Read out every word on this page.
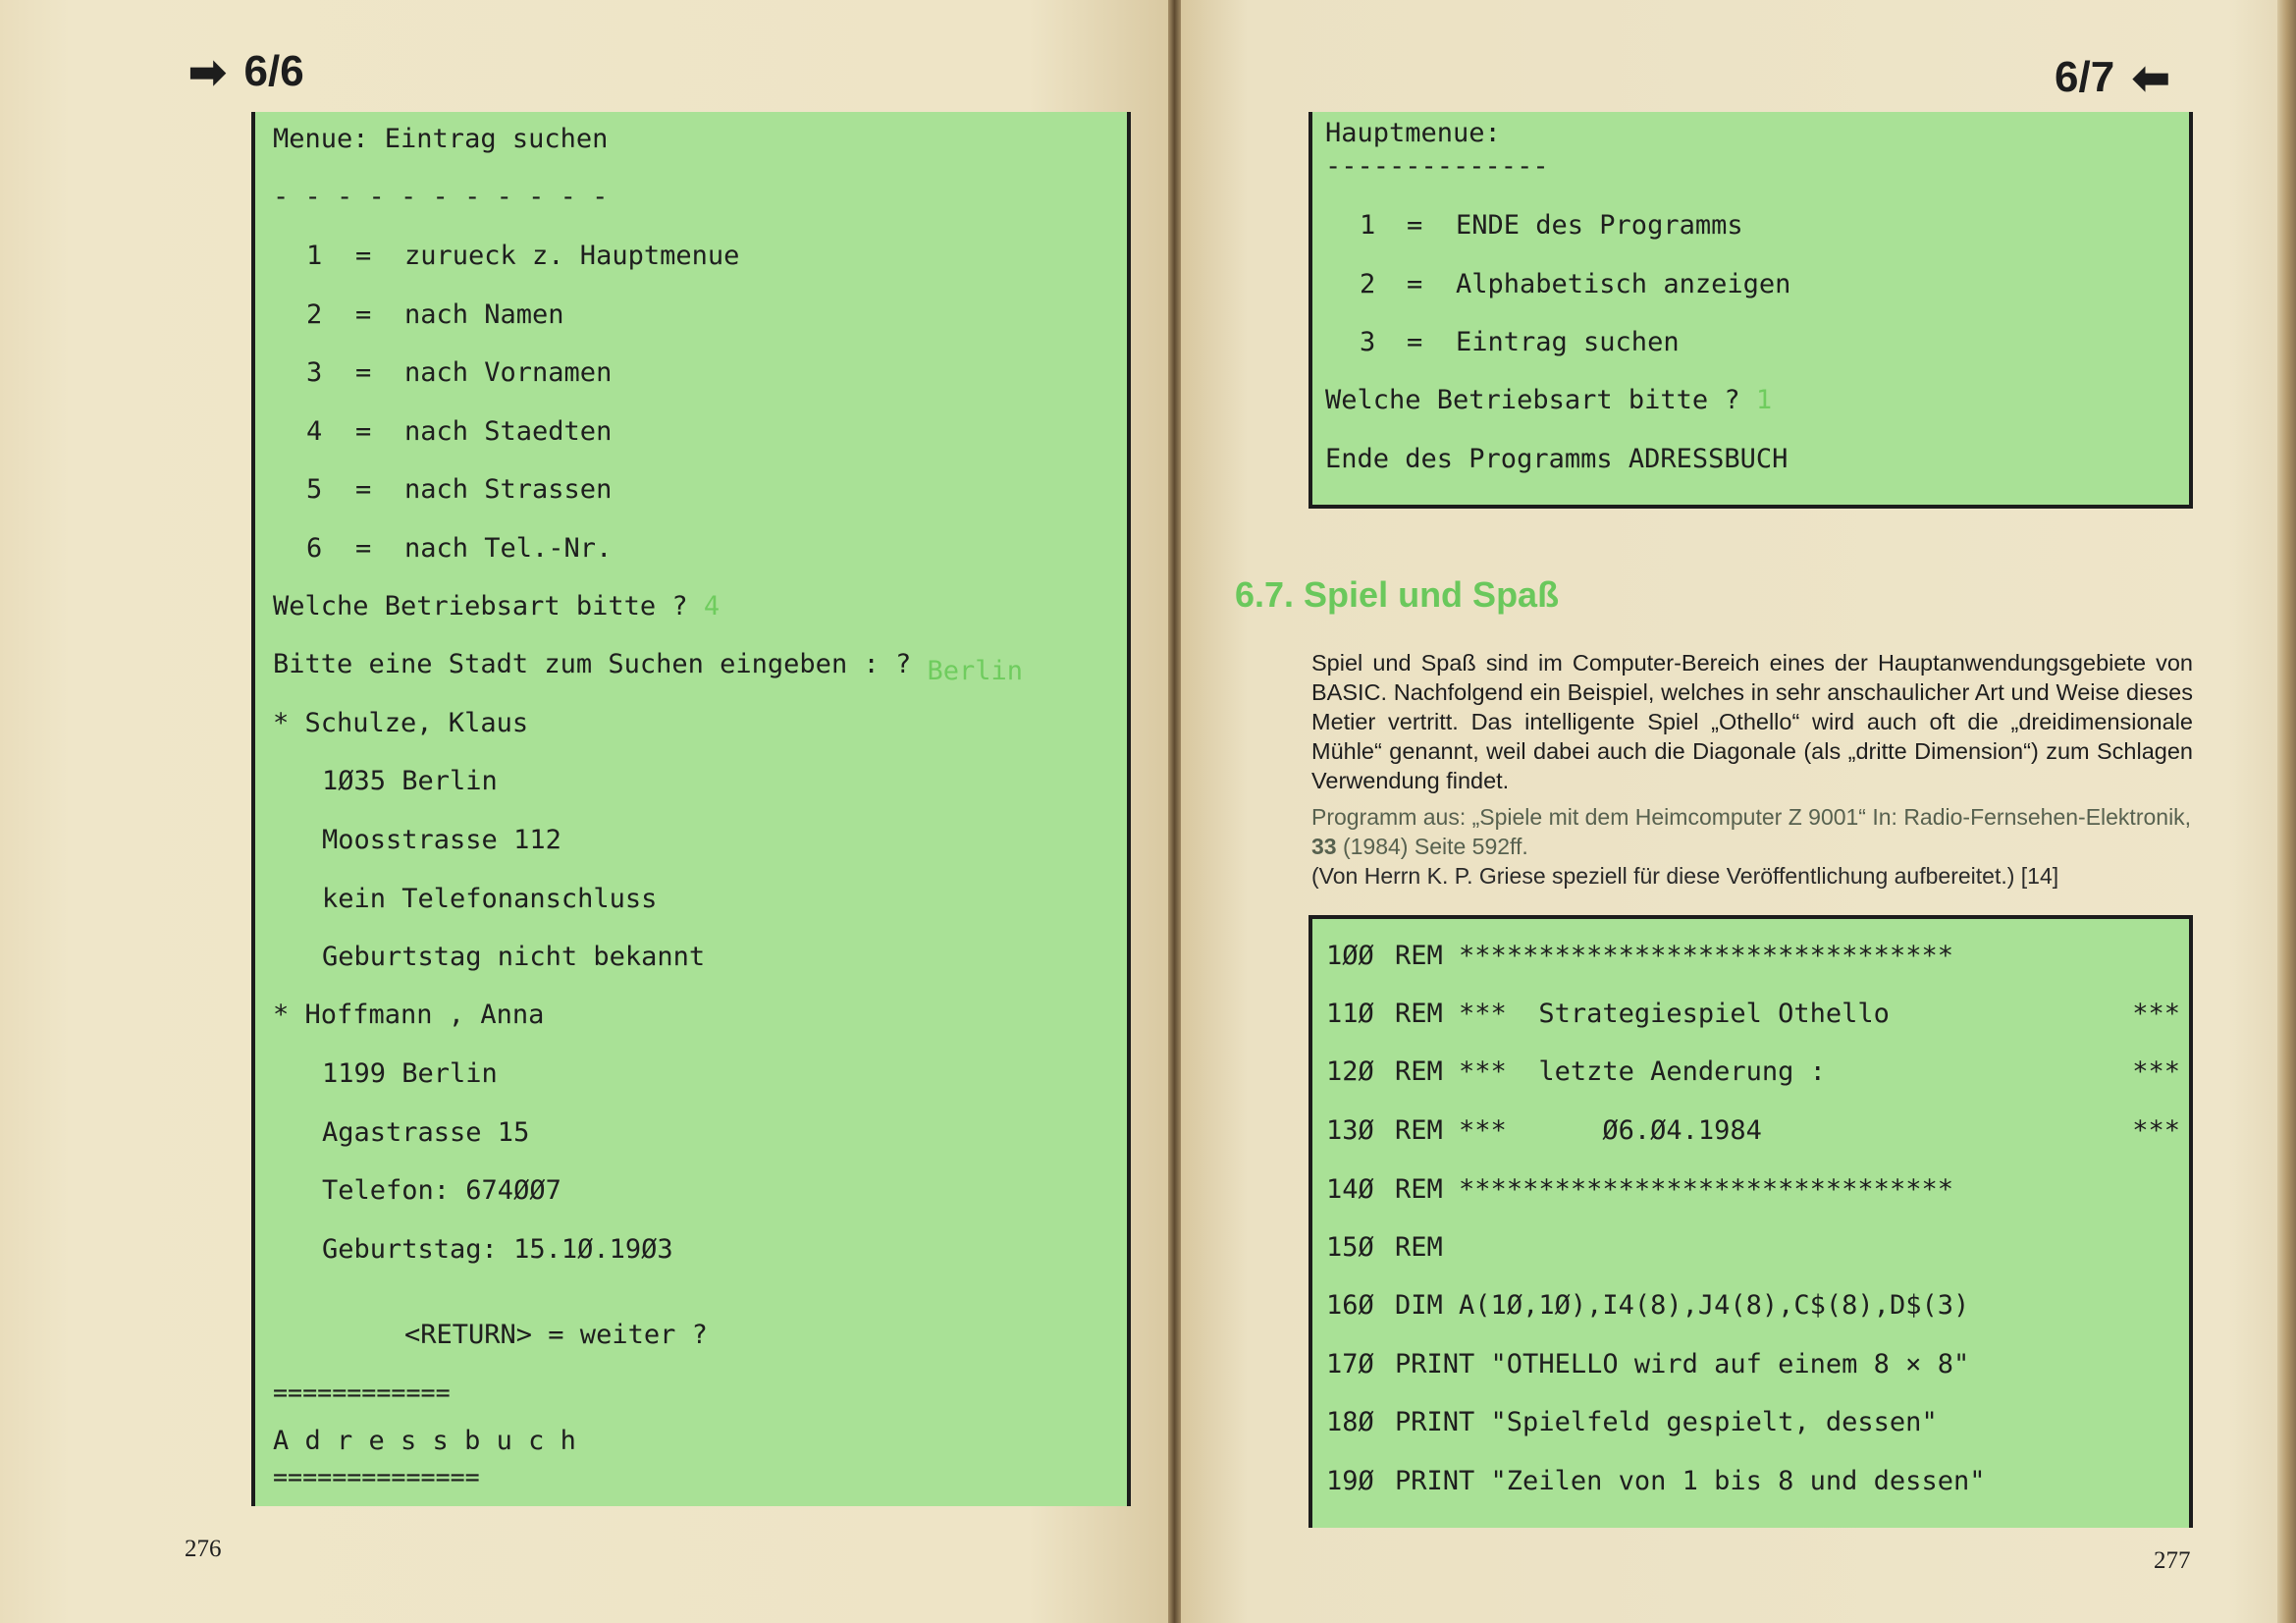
➡ 6/6
Menue: Eintrag suchen
- - - - - - - - - - -
1 = zurueck z. Hauptmenue
2 = nach Namen
3 = nach Vornamen
4 = nach Staedten
5 = nach Strassen
6 = nach Tel.-Nr.
Welche Betriebsart bitte ? 4
Bitte eine Stadt zum Suchen eingeben : ? Berlin
* Schulze, Klaus
1Ø35 Berlin
Moosstrasse 112
kein Telefonanschluss
Geburtstag nicht bekannt
* Hoffmann , Anna
1199 Berlin
Agastrasse 15
Telefon: 674ØØ7
Geburtstag: 15.1Ø.19Ø3
<RETURN> = weiter ?
============
A d r e s s b u c h
==============
276
6/7 ⬅
Hauptmenue:
--------------
1 = ENDE des Programms
2 = Alphabetisch anzeigen
3 = Eintrag suchen
Welche Betriebsart bitte ? 1
Ende des Programms ADRESSBUCH
6.7. Spiel und Spaß
Spiel und Spaß sind im Computer-Bereich eines der Hauptanwendungsgebiete von BASIC. Nachfolgend ein Beispiel, welches in sehr anschaulicher Art und Weise dieses Metier vertritt. Das intelligente Spiel „Othello“ wird auch oft die „dreidimensionale Mühle“ genannt, weil dabei auch die Diagonale (als „dritte Dimension“) zum Schlagen Verwendung findet.
Programm aus: „Spiele mit dem Heimcomputer Z 9001“ In: Radio-Fernsehen-Elektronik, 33 (1984) Seite 592ff.
(Von Herrn K. P. Griese speziell für diese Veröffentlichung aufbereitet.) [14]
1ØØ REM *******************************
11Ø REM ***  Strategiespiel Othello	***
12Ø REM ***  letzte Aenderung :	***
13Ø REM ***      Ø6.Ø4.1984	***
14Ø REM *******************************
15Ø REM
16Ø DIM A(1Ø,1Ø),I4(8),J4(8),C$(8),D$(3)
17Ø PRINT "OTHELLO wird auf einem 8 × 8"
18Ø PRINT "Spielfeld gespielt, dessen"
19Ø PRINT "Zeilen von 1 bis 8 und dessen"
277
